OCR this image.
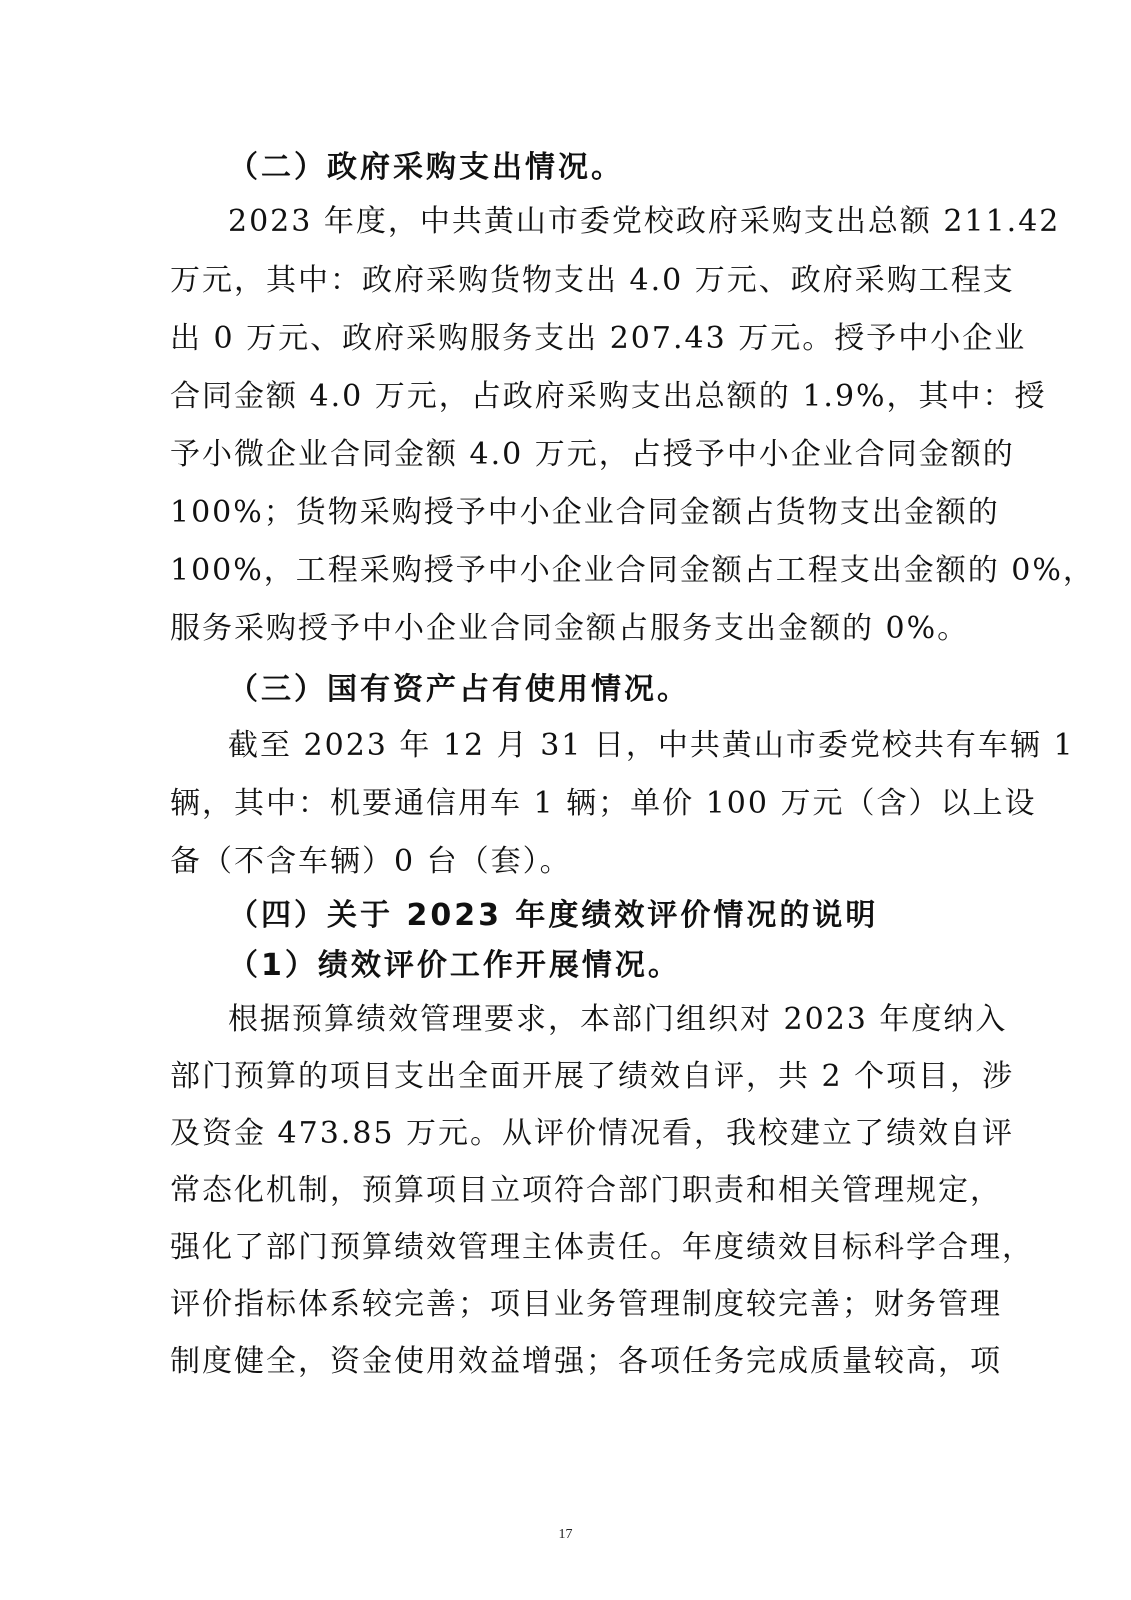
（二）政府采购支出情况。
2023 年度，中共黄山市委党校政府采购支出总额 211.42
万元，其中：政府采购货物支出 4.0 万元、政府采购工程支
出 0 万元、政府采购服务支出 207.43 万元。授予中小企业
合同金额 4.0 万元，占政府采购支出总额的 1.9%，其中：授
予小微企业合同金额 4.0 万元，占授予中小企业合同金额的
100%；货物采购授予中小企业合同金额占货物支出金额的
100%，工程采购授予中小企业合同金额占工程支出金额的 0%，
服务采购授予中小企业合同金额占服务支出金额的 0%。
（三）国有资产占有使用情况。
截至 2023 年 12 月 31 日，中共黄山市委党校共有车辆 1
辆，其中：机要通信用车 1 辆；单价 100 万元（含）以上设
备（不含车辆）0 台（套）。
（四）关于 2023 年度绩效评价情况的说明
（1）绩效评价工作开展情况。
根据预算绩效管理要求，本部门组织对 2023 年度纳入
部门预算的项目支出全面开展了绩效自评，共 2 个项目，涉
及资金 473.85 万元。从评价情况看，我校建立了绩效自评
常态化机制，预算项目立项符合部门职责和相关管理规定，
强化了部门预算绩效管理主体责任。年度绩效目标科学合理，
评价指标体系较完善；项目业务管理制度较完善；财务管理
制度健全，资金使用效益增强；各项任务完成质量较高，项
17
